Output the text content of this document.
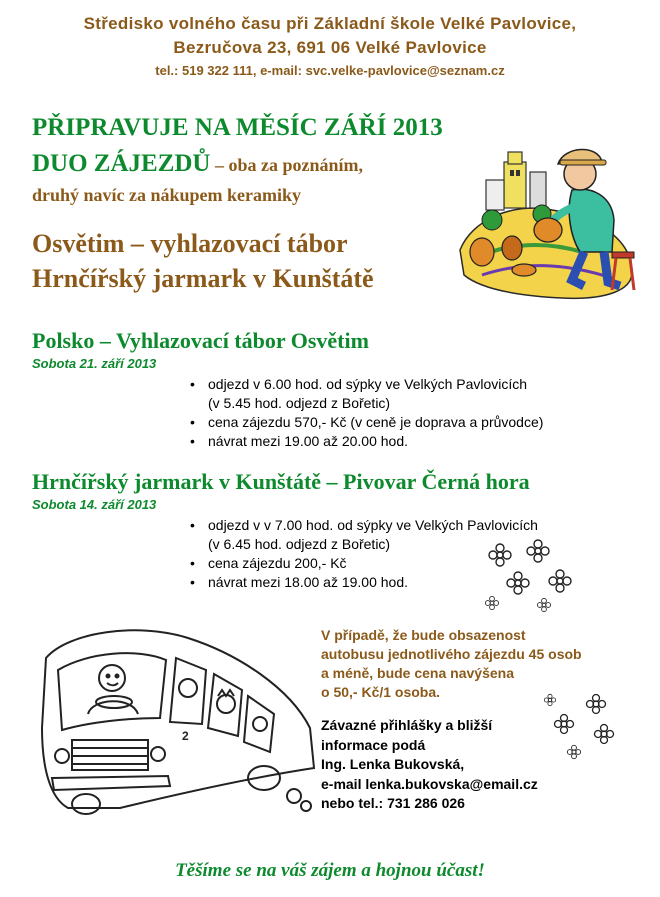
Středisko volného času při Základní škole Velké Pavlovice,
Bezručova 23, 691 06 Velké Pavlovice
tel.: 519 322 111, e-mail: svc.velke-pavlovice@seznam.cz
PŘIPRAVUJE NA MĚSÍC ZÁŘÍ 2013
DUO ZÁJEZDŮ – oba za poznáním,
druhý navíc za nákupem keramiky
Osvětim – vyhlazovací tábor
Hrnčířský jarmark v Kunštátě
Polsko – Vyhlazovací tábor Osvětim
Sobota 21. září 2013
• odjezd v 6.00 hod. od sýpky ve Velkých Pavlovicích
(v 5.45 hod. odjezd z Bořetic)
• cena zájezdu 570,- Kč (v ceně je doprava a průvodce)
• návrat mezi 19.00 až 20.00 hod.
Hrnčířský jarmark v Kunštátě – Pivovar Černá hora
Sobota 14. září 2013
• odjezd v v 7.00 hod. od sýpky ve Velkých Pavlovicích
(v 6.45 hod. odjezd z Bořetic)
• cena zájezdu 200,- Kč
• návrat mezi 18.00 až 19.00 hod.
2
V případě, že bude obsazenost
autobusu jednotlivého zájezdu 45 osob
a méně, bude cena navýšena
o 50,- Kč/1 osoba.
Závazné přihlášky a bližší
informace podá
Ing. Lenka Bukovská,
e-mail lenka.bukovska@email.cz
nebo tel.: 731 286 026
Těšíme se na váš zájem a hojnou účast!
